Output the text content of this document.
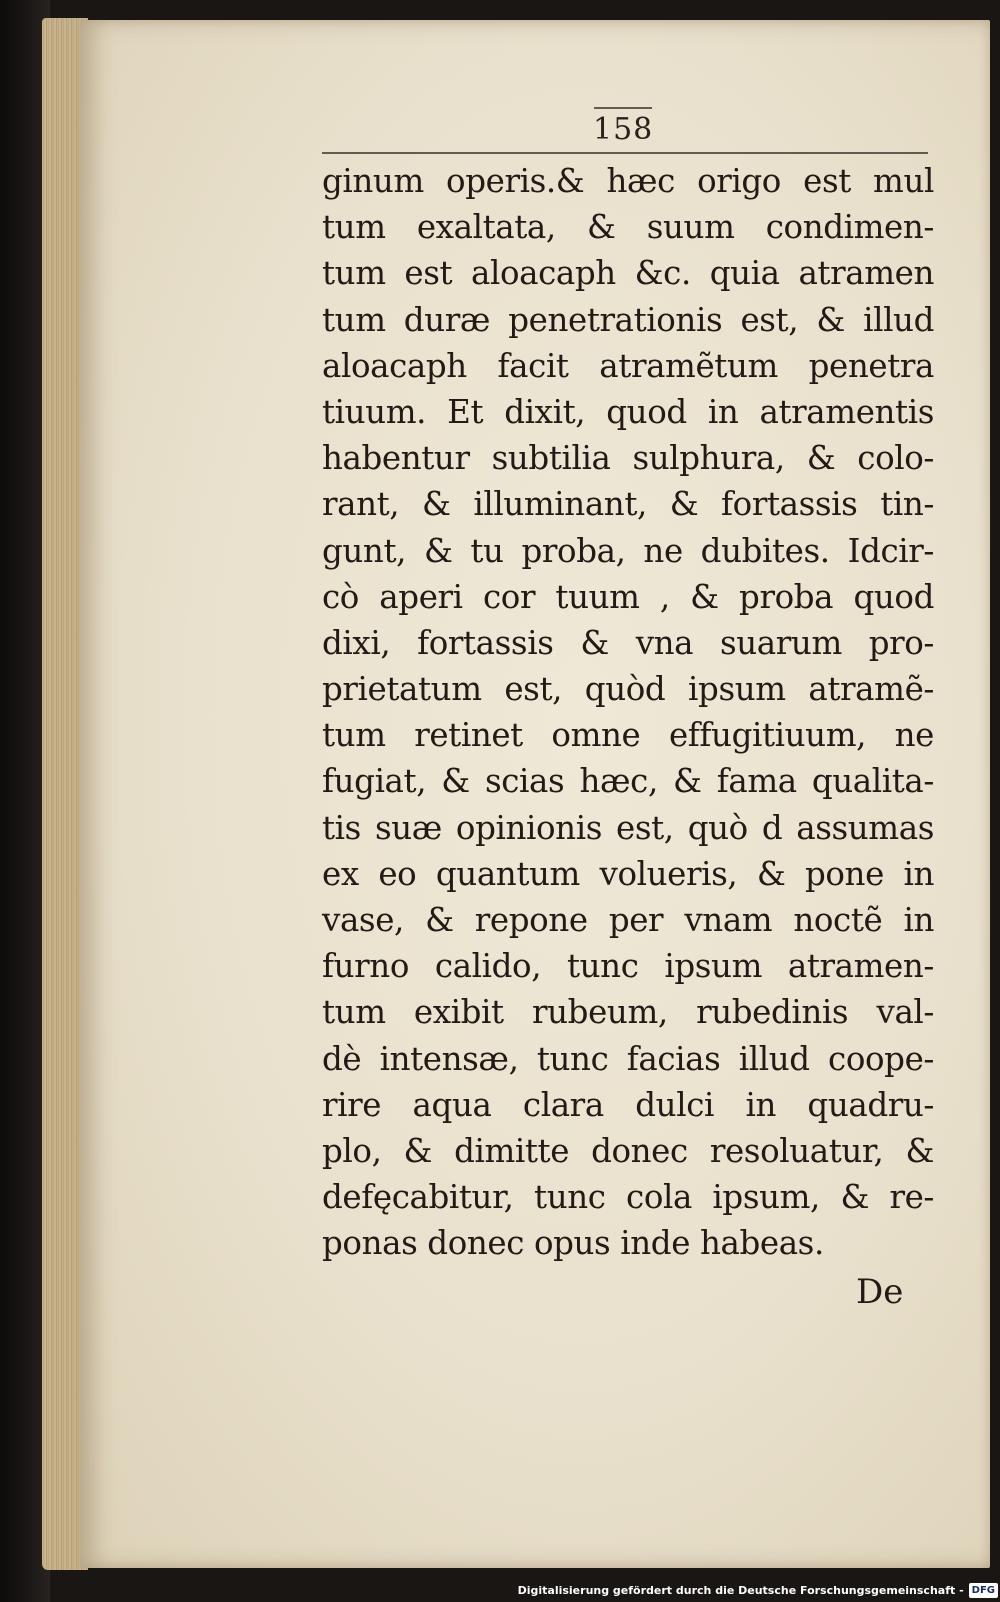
158
ginum operis.& hæc origo est mul
tum exaltata, & suum condimen-
tum est aloacaph &c. quia atramen
tum duræ penetrationis est, & illud
aloacaph facit atramẽtum penetra
tiuum. Et dixit, quod in atramentis
habentur subtilia sulphura, & colo-
rant, & illuminant, & fortassis tin-
gunt, & tu proba, ne dubites. Idcir-
cò aperi cor tuum , & proba quod
dixi, fortassis & vna suarum pro-
prietatum est, quòd ipsum atramẽ-
tum retinet omne effugitiuum, ne
fugiat, & scias hæc, & fama qualita-
tis suæ opinionis est, quò d assumas
ex eo quantum volueris, & pone in
vase, & repone per vnam noctẽ in
furno calido, tunc ipsum atramen-
tum exibit rubeum, rubedinis val-
dè intensæ, tunc facias illud coope-
rire aqua clara dulci in quadru-
plo, & dimitte donec resoluatur, &
defęcabitur, tunc cola ipsum, & re-
ponas donec opus inde habeas.
De
Digitalisierung gefördert durch die Deutsche Forschungsgemeinschaft - DFG
